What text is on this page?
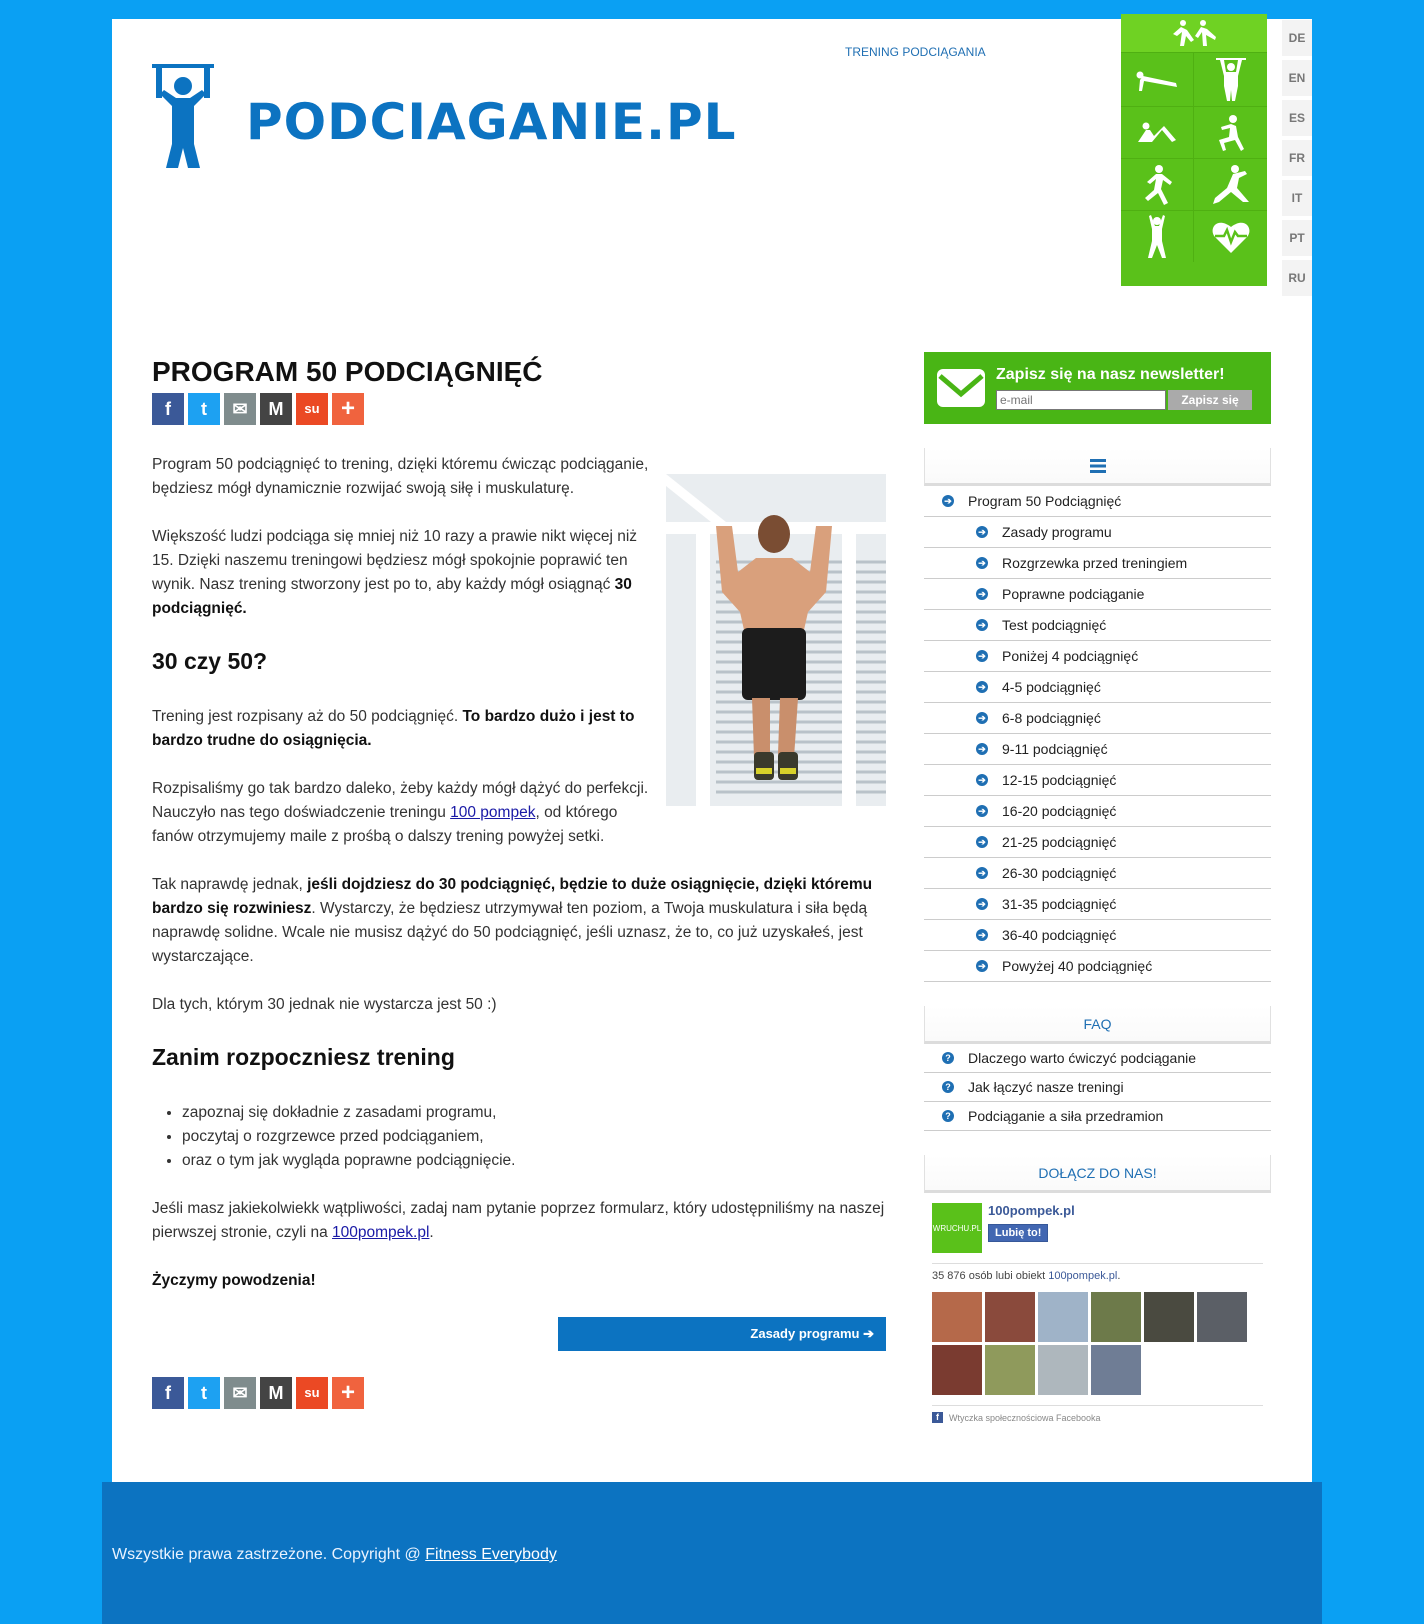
PODCIAGANIE.PL
TRENING PODCIĄGANIA
DE
EN
ES
FR
IT
PT
RU
PROGRAM 50 PODCIĄGNIĘĆ
f	t	✉	M	su +

Program 50 podciągnięć to trening, dzięki któremu ćwicząc podciąganie, będziesz mógł dynamicznie rozwijać swoją siłę i muskulaturę.

Większość ludzi podciąga się mniej niż 10 razy a prawie nikt więcej niż 15. Dzięki naszemu treningowi będziesz mógł spokojnie poprawić ten wynik. Nasz trening stworzony jest po to, aby każdy mógł osiągnąć 30 podciągnięć.

30 czy 50?

Trening jest rozpisany aż do 50 podciągnięć. To bardzo dużo i jest to bardzo trudne do osiągnięcia.

Rozpisaliśmy go tak bardzo daleko, żeby każdy mógł dążyć do perfekcji. Nauczyło nas tego doświadczenie treningu 100 pompek, od którego fanów otrzymujemy maile z prośbą o dalszy trening powyżej setki.

Tak naprawdę jednak, jeśli dojdziesz do 30 podciągnięć, będzie to duże osiągnięcie, dzięki któremu bardzo się rozwiniesz. Wystarczy, że będziesz utrzymywał ten poziom, a Twoja muskulatura i siła będą naprawdę solidne. Wcale nie musisz dążyć do 50 podciągnięć, jeśli uznasz, że to, co już uzyskałeś, jest wystarczające.

Dla tych, którym 30 jednak nie wystarcza jest 50 :)

Zanim rozpoczniesz trening
• zapoznaj się dokładnie z zasadami programu,
• poczytaj o rozgrzewce przed podciąganiem,
• oraz o tym jak wygląda poprawne podciągnięcie.

Jeśli masz jakiekolwiekk wątpliwości, zadaj nam pytanie poprzez formularz, który udostępniliśmy na naszej pierwszej stronie, czyli na 100pompek.pl.

Życzymy powodzenia!

Zasady programu ➔
f	t	✉	M	su +
Zapisz się na nasz newsletter!
e-mail
Zapisz się
➔ Program 50 Podciągnięć
➔ Zasady programu
➔ Rozgrzewka przed treningiem
➔ Poprawne podciąganie
➔ Test podciągnięć
➔ Poniżej 4 podciągnięć
➔ 4-5 podciągnięć
➔ 6-8 podciągnięć
➔ 9-11 podciągnięć
➔ 12-15 podciągnięć
➔ 16-20 podciągnięć
➔ 21-25 podciągnięć
➔ 26-30 podciągnięć
➔ 31-35 podciągnięć
➔ 36-40 podciągnięć
➔ Powyżej 40 podciągnięć
FAQ
? Dlaczego warto ćwiczyć podciąganie
? Jak łączyć nasze treningi
? Podciąganie a siła przedramion
DOŁĄCZ DO NAS!
WRUCHU.PL
100pompek.pl
Lubię to!
35 876 osób lubi obiekt 100pompek.pl.
f	Wtyczka społecznościowa Facebooka

Wszystkie prawa zastrzeżone. Copyright @ Fitness Everybody
